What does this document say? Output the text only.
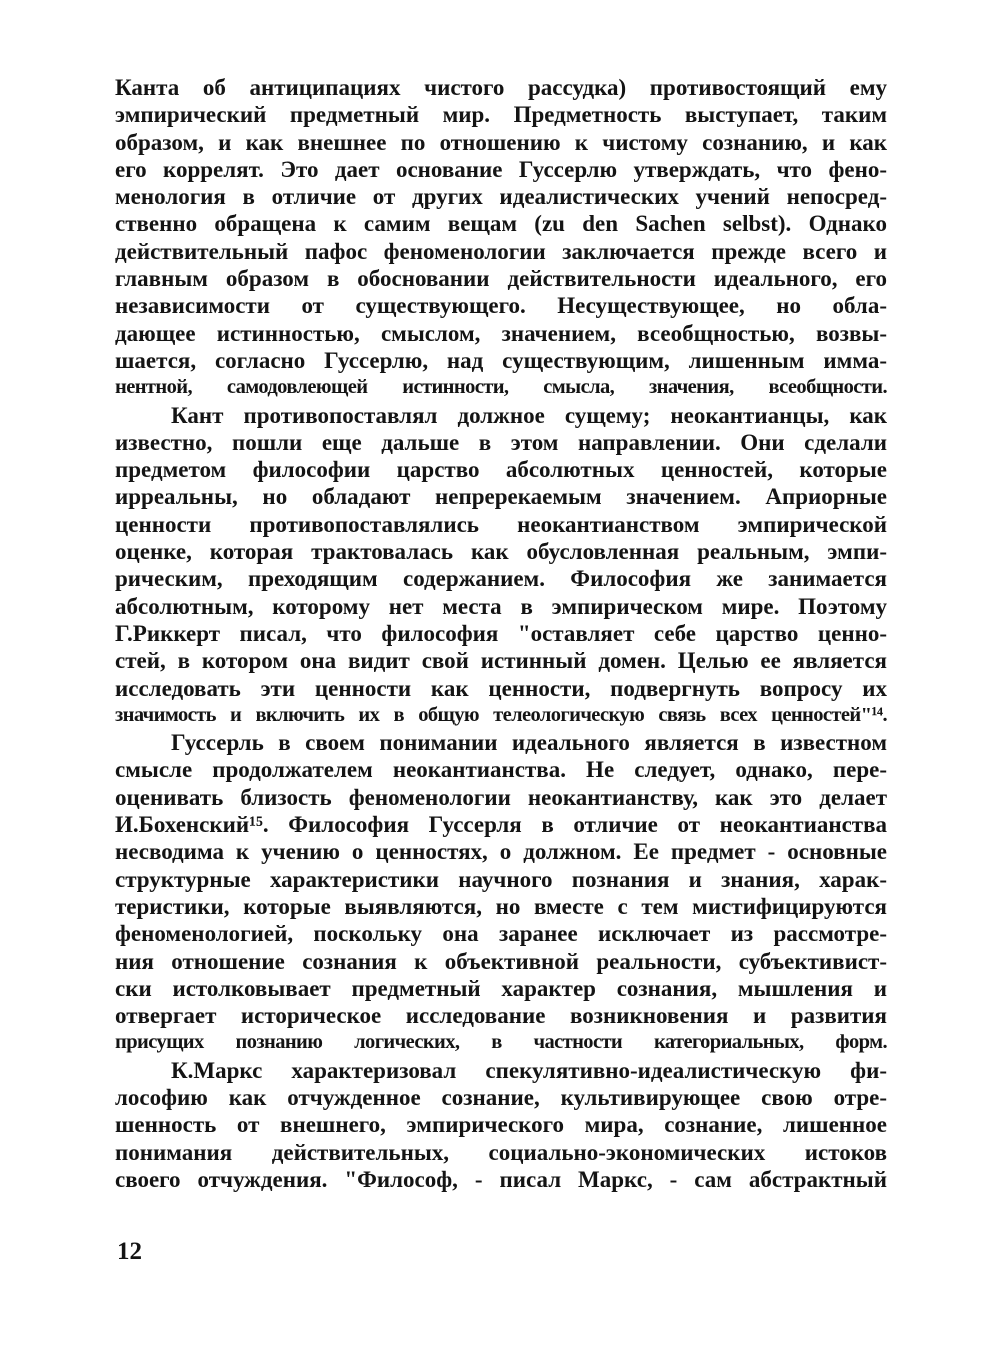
Канта об антиципациях чистого рассудка) противостоящий ему
эмпирический предметный мир. Предметность выступает, таким
образом, и как внешнее по отношению к чистому сознанию, и как
его коррелят. Это дает основание Гуссерлю утверждать, что фено-
менология в отличие от других идеалистических учений непосред-
ственно обращена к самим вещам (zu den Sachen selbst). Однако
действительный пафос феноменологии заключается прежде всего и
главным образом в обосновании действительности идеального, его
независимости от существующего. Несуществующее, но обла-
дающее истинностью, смыслом, значением, всеобщностью, возвы-
шается, согласно Гуссерлю, над существующим, лишенным имма-
нентной, самодовлеющей истинности, смысла, значения, всеобщности.
Кант противопоставлял должное сущему; неокантианцы, как
известно, пошли еще дальше в этом направлении. Они сделали
предметом философии царство абсолютных ценностей, которые
ирреальны, но обладают непререкаемым значением. Априорные
ценности противопоставлялись неокантианством эмпирической
оценке, которая трактовалась как обусловленная реальным, эмпи-
рическим, преходящим содержанием. Философия же занимается
абсолютным, которому нет места в эмпирическом мире. Поэтому
Г.Риккерт писал, что философия "оставляет себе царство ценно-
стей, в котором она видит свой истинный домен. Целью ее является
исследовать эти ценности как ценности, подвергнуть вопросу их
значимость и включить их в общую телеологическую связь всех ценностей"¹⁴.
Гуссерль в своем понимании идеального является в известном
смысле продолжателем неокантианства. Не следует, однако, пере-
оценивать близость феноменологии неокантианству, как это делает
И.Бохенский¹⁵. Философия Гуссерля в отличие от неокантианства
несводима к учению о ценностях, о должном. Ее предмет - основные
структурные характеристики научного познания и знания, харак-
теристики, которые выявляются, но вместе с тем мистифицируются
феноменологией, поскольку она заранее исключает из рассмотре-
ния отношение сознания к объективной реальности, субъективист-
ски истолковывает предметный характер сознания, мышления и
отвергает историческое исследование возникновения и развития
присущих познанию логических, в частности категориальных, форм.
К.Маркс характеризовал спекулятивно-идеалистическую фи-
лософию как отчужденное сознание, культивирующее свою отре-
шенность от внешнего, эмпирического мира, сознание, лишенное
понимания действительных, социально-экономических истоков
своего отчуждения. "Философ, - писал Маркс, - сам абстрактный
12
